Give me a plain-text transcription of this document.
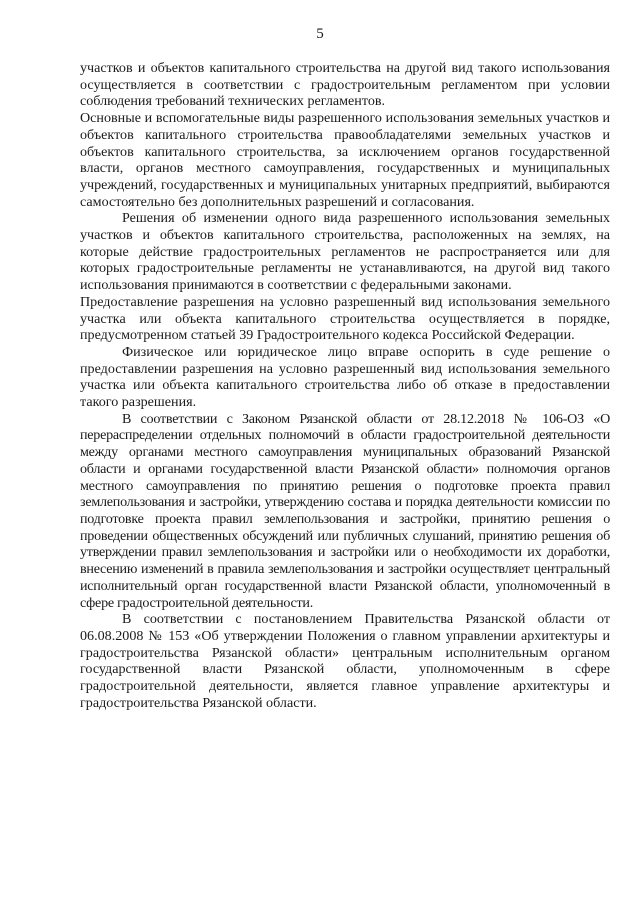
5

участков и объектов капитального строительства на другой вид такого использования осуществляется в соответствии с градостроительным регламентом при условии соблюдения требований технических регламентов.

Основные и вспомогательные виды разрешенного использования земельных участков и объектов капитального строительства правообладателями земельных участков и объектов капитального строительства, за исключением органов государственной власти, органов местного самоуправления, государственных и муниципальных учреждений, государственных и муниципальных унитарных предприятий, выбираются самостоятельно без дополнительных разрешений и согласования.

Решения об изменении одного вида разрешенного использования земельных участков и объектов капитального строительства, расположенных на землях, на которые действие градостроительных регламентов не распространяется или для которых градостроительные регламенты не устанавливаются, на другой вид такого использования принимаются в соответствии с федеральными законами.

Предоставление разрешения на условно разрешенный вид использования земельного участка или объекта капитального строительства осуществляется в порядке, предусмотренном статьей 39 Градостроительного кодекса Российской Федерации.

Физическое или юридическое лицо вправе оспорить в суде решение о предоставлении разрешения на условно разрешенный вид использования земельного участка или объекта капитального строительства либо об отказе в предоставлении такого разрешения.

В соответствии с Законом Рязанской области от 28.12.2018 № 106-ОЗ «О перераспределении отдельных полномочий в области градостроительной деятельности между органами местного самоуправления муниципальных образований Рязанской области и органами государственной власти Рязанской области» полномочия органов местного самоуправления по принятию решения о подготовке проекта правил землепользования и застройки, утверждению состава и порядка деятельности комиссии по подготовке проекта правил землепользования и застройки, принятию решения о проведении общественных обсуждений или публичных слушаний, принятию решения об утверждении правил землепользования и застройки или о необходимости их доработки, внесению изменений в правила землепользования и застройки осуществляет центральный исполнительный орган государственной власти Рязанской области, уполномоченный в сфере градостроительной деятельности.

В соответствии с постановлением Правительства Рязанской области от 06.08.2008 № 153 «Об утверждении Положения о главном управлении архитектуры и градостроительства Рязанской области» центральным исполнительным органом государственной власти Рязанской области, уполномоченным в сфере градостроительной деятельности, является главное управление архитектуры и градостроительства Рязанской области.
